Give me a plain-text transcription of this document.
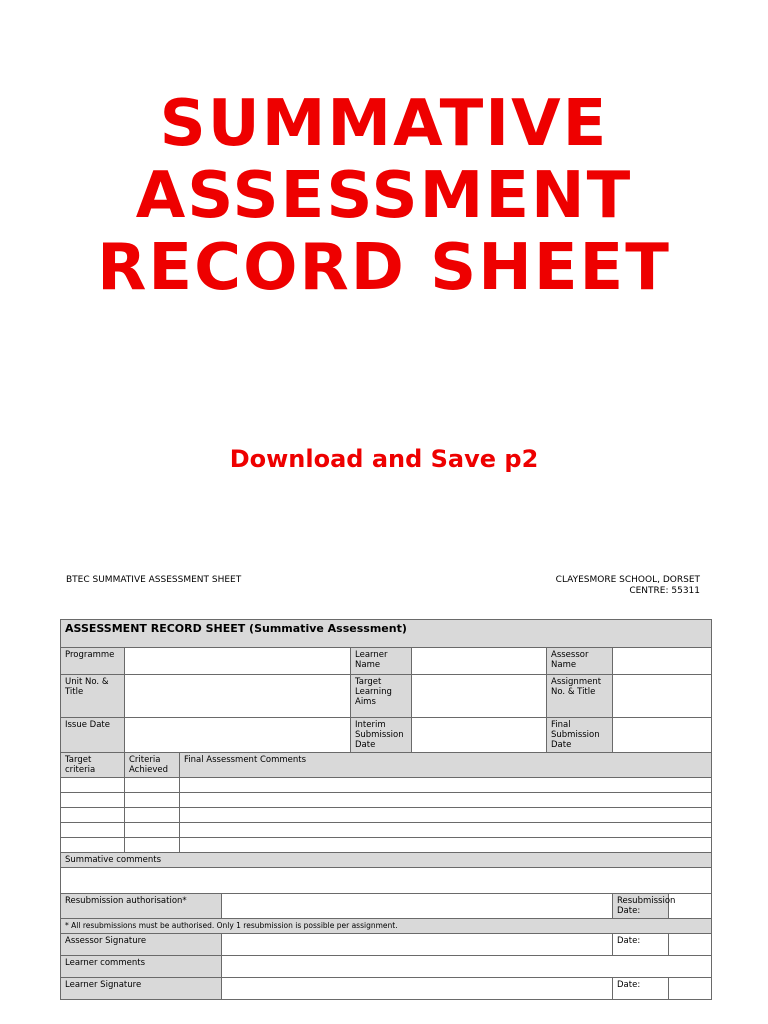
SUMMATIVE
ASSESSMENT
RECORD SHEET
Download and Save p2
BTEC SUMMATIVE ASSESSMENT SHEET	CLAYESMORE SCHOOL, DORSET
CENTRE: 55311
ASSESSMENT RECORD SHEET (Summative Assessment)								
Programme				Learner Name		Assessor Name		
Unit No. & Title				Target Learning Aims		Assignment No. & Title		
Issue Date				Interim Submission Date		Final Submission Date		
Target criteria	Criteria Achieved	Final Assessment Comments						

Summative comments								

Resubmission authorisation*							Resubmission Date:	
* All resubmissions must be authorised. Only 1 resubmission is possible per assignment.								
Assessor Signature							Date:	
Learner comments								
Learner Signature							Date:	
